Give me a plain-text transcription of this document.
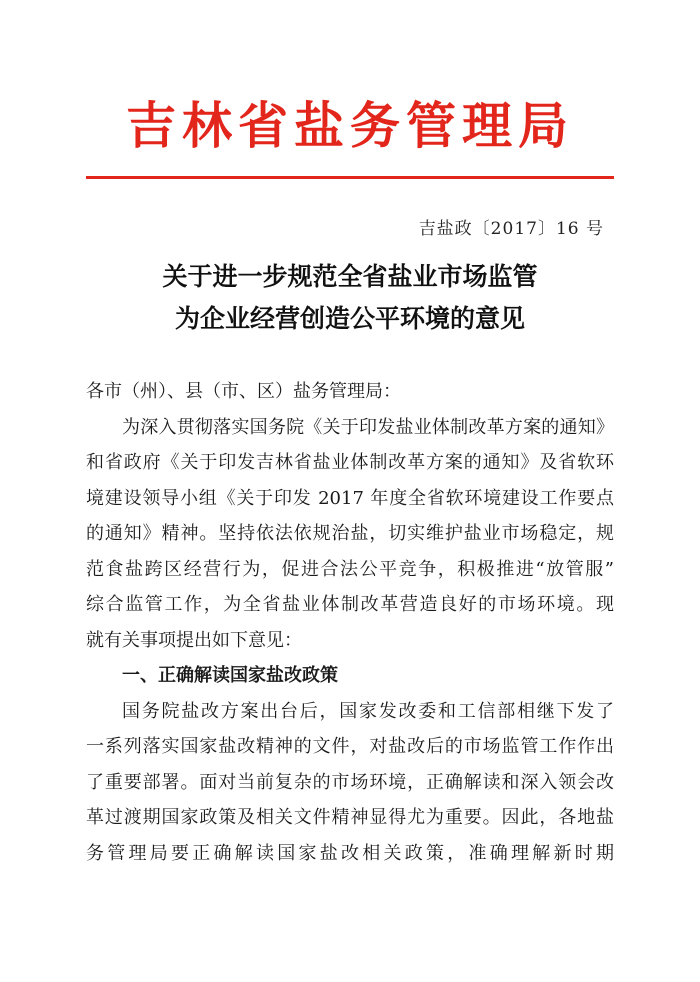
吉林省盐务管理局
吉盐政〔2017〕16 号
关于进一步规范全省盐业市场监管
为企业经营创造公平环境的意见
各市（州）、县（市、区）盐务管理局：
为深入贯彻落实国务院《关于印发盐业体制改革方案的通知》
和省政府《关于印发吉林省盐业体制改革方案的通知》及省软环
境建设领导小组《关于印发 2017 年度全省软环境建设工作要点
的通知》精神。坚持依法依规治盐，切实维护盐业市场稳定，规
范食盐跨区经营行为，促进合法公平竞争，积极推进“放管服”
综合监管工作，为全省盐业体制改革营造良好的市场环境。现
就有关事项提出如下意见：
一、正确解读国家盐改政策
国务院盐改方案出台后，国家发改委和工信部相继下发了
一系列落实国家盐改精神的文件，对盐改后的市场监管工作作出
了重要部署。面对当前复杂的市场环境，正确解读和深入领会改
革过渡期国家政策及相关文件精神显得尤为重要。因此，各地盐
务管理局要正确解读国家盐改相关政策，准确理解新时期
